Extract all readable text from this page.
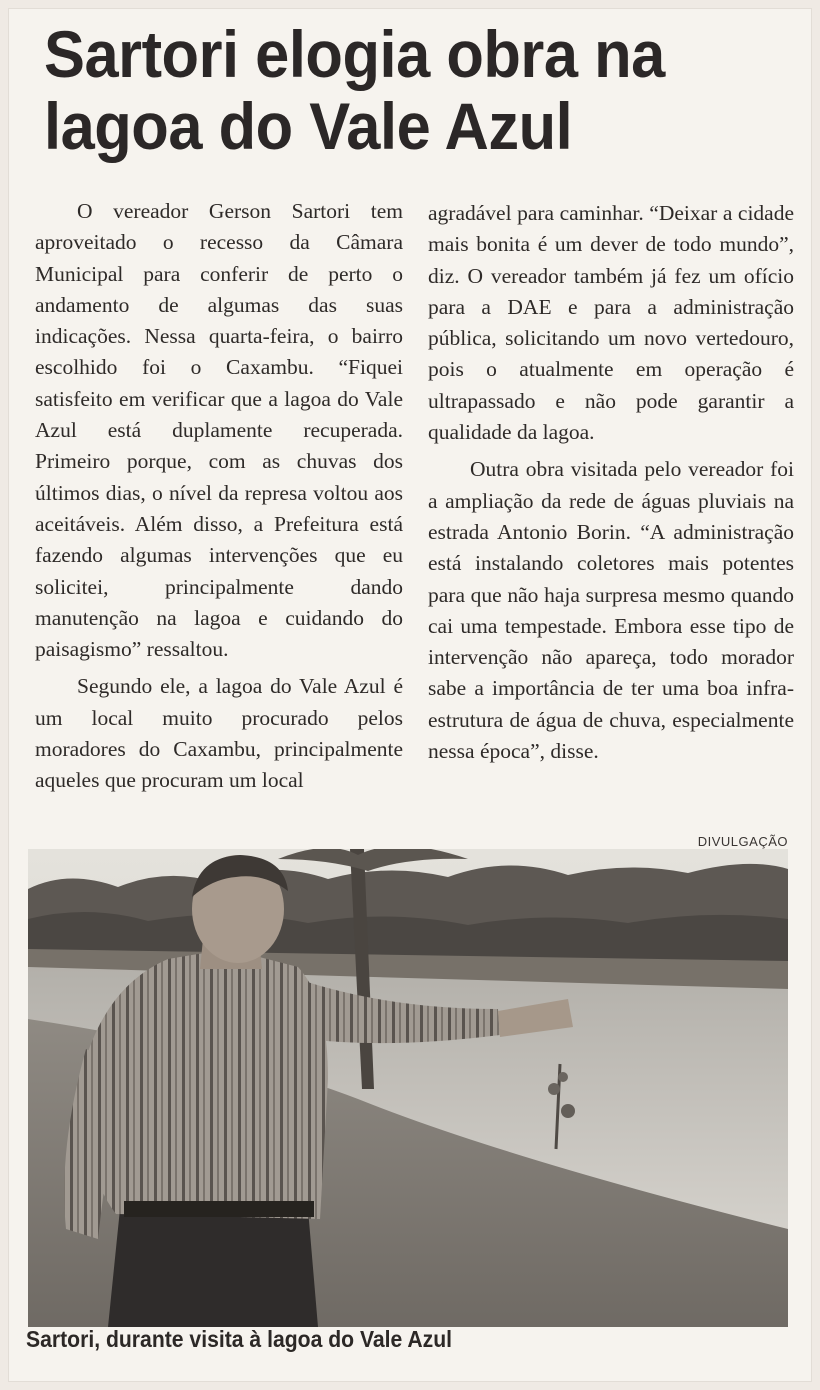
Sartori elogia obra na lagoa do Vale Azul

O vereador Gerson Sartori tem aproveitado o recesso da Câmara Municipal para conferir de perto o andamento de algumas das suas indicações. Nessa quarta-feira, o bairro escolhido foi o Caxambu. “Fiquei satisfeito em verificar que a lagoa do Vale Azul está duplamente recuperada. Primeiro porque, com as chuvas dos últimos dias, o nível da represa voltou aos aceitáveis. Além disso, a Prefeitura está fazendo algumas intervenções que eu solicitei, principalmente dando manutenção na lagoa e cuidando do paisagismo” ressaltou.

Segundo ele, a lagoa do Vale Azul é um local muito procurado pelos moradores do Caxambu, principalmente aqueles que procuram um local

agradável para caminhar. “Deixar a cidade mais bonita é um dever de todo mundo”, diz. O vereador também já fez um ofício para a DAE e para a administração pública, solicitando um novo vertedouro, pois o atualmente em operação é ultrapassado e não pode garantir a qualidade da lagoa.

Outra obra visitada pelo vereador foi a ampliação da rede de águas pluviais na estrada Antonio Borin. “A administração está instalando coletores mais potentes para que não haja surpresa mesmo quando cai uma tempestade. Embora esse tipo de intervenção não apareça, todo morador sabe a importância de ter uma boa infra-estrutura de água de chuva, especialmente nessa época”, disse.

DIVULGAÇÃO
Sartori, durante visita à lagoa do Vale Azul
